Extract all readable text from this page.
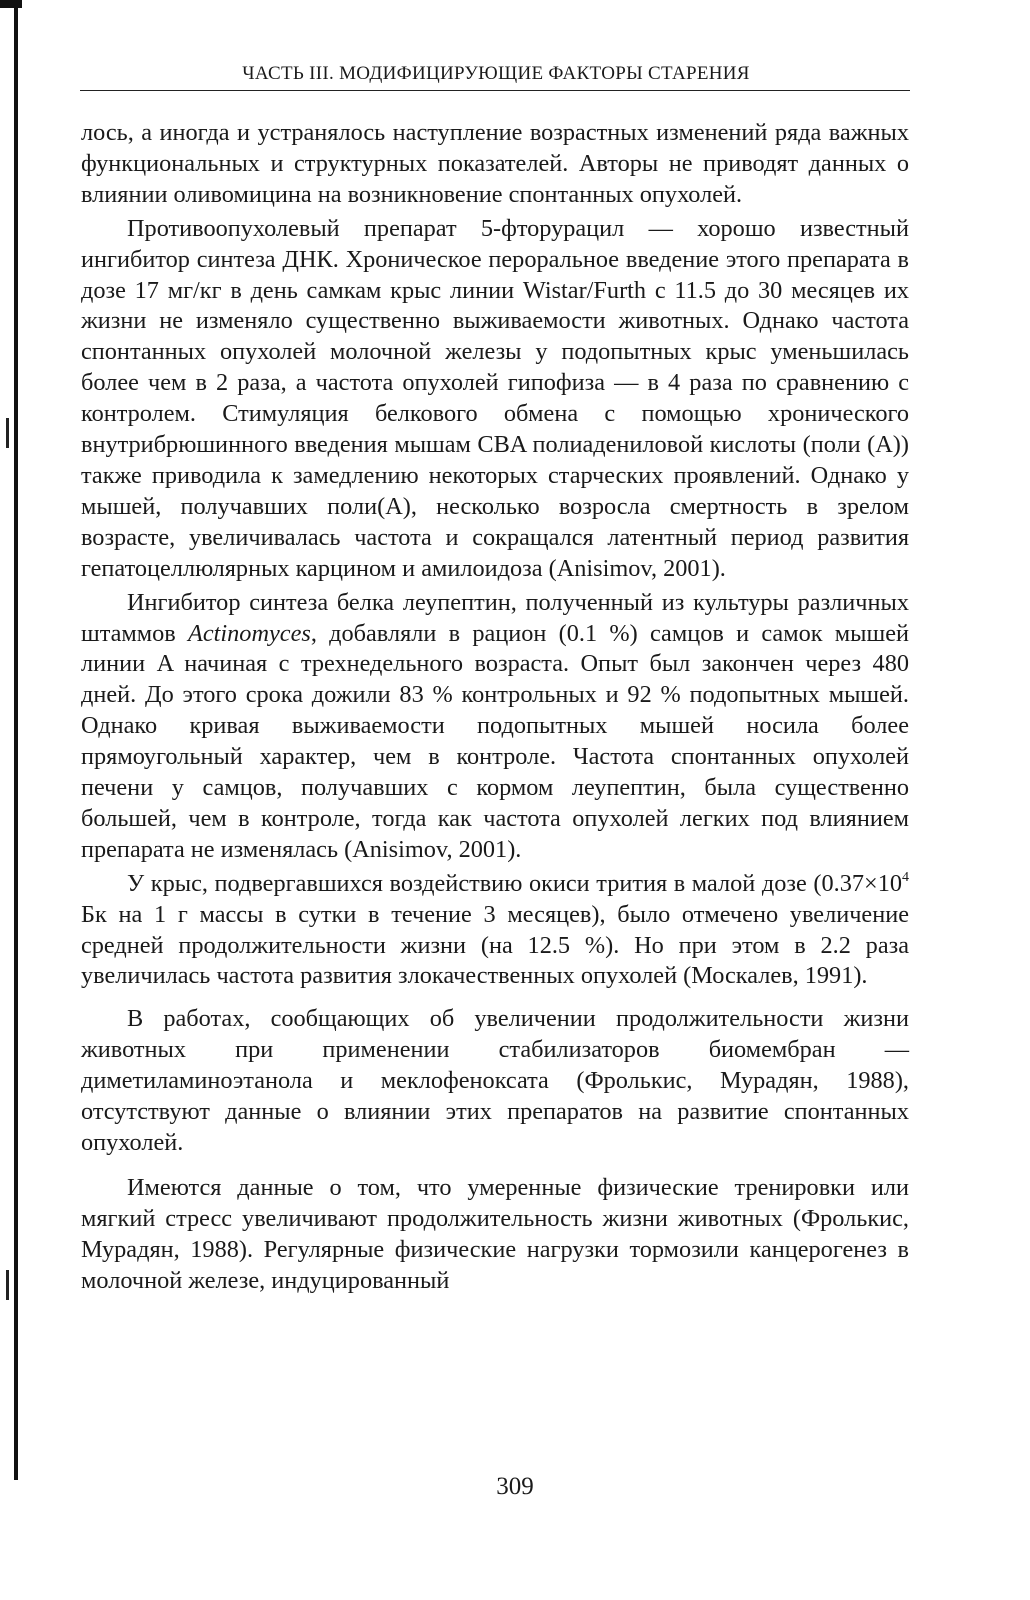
ЧАСТЬ III. МОДИФИЦИРУЮЩИЕ ФАКТОРЫ СТАРЕНИЯ

лось, а иногда и устранялось наступление возрастных изменений ряда важных функциональных и структурных показателей. Авторы не приводят данных о влиянии оливомицина на возникновение спонтанных опухолей.

Противоопухолевый препарат 5-фторурацил — хорошо известный ингибитор синтеза ДНК. Хроническое пероральное введение этого препарата в дозе 17 мг/кг в день самкам крыс линии Wistar/Furth с 11.5 до 30 месяцев их жизни не изменяло существенно выживаемости животных. Однако частота спонтанных опухолей молочной железы у подопытных крыс уменьшилась более чем в 2 раза, а частота опухолей гипофиза — в 4 раза по сравнению с контролем. Стимуляция белкового обмена с помощью хронического внутрибрюшинного введения мышам CBA полиадениловой кислоты (поли (A)) также приводила к замедлению некоторых старческих проявлений. Однако у мышей, получавших поли(A), несколько возросла смертность в зрелом возрасте, увеличивалась частота и сокращался латентный период развития гепатоцеллюлярных карцином и амилоидоза (Anisimov, 2001).

Ингибитор синтеза белка леупептин, полученный из культуры различных штаммов Actinomyces, добавляли в рацион (0.1 %) самцов и самок мышей линии A начиная с трехнедельного возраста. Опыт был закончен через 480 дней. До этого срока дожили 83 % контрольных и 92 % подопытных мышей. Однако кривая выживаемости подопытных мышей носила более прямоугольный характер, чем в контроле. Частота спонтанных опухолей печени у самцов, получавших с кормом леупептин, была существенно большей, чем в контроле, тогда как частота опухолей легких под влиянием препарата не изменялась (Anisimov, 2001).

У крыс, подвергавшихся воздействию окиси трития в малой дозе ($0.37\times 10^4$ Бк на 1 г массы в сутки в течение 3 месяцев), было отмечено увеличение средней продолжительности жизни (на 12.5 %). Но при этом в 2.2 раза увеличилась частота развития злокачественных опухолей (Москалев, 1991).

В работах, сообщающих об увеличении продолжительности жизни животных при применении стабилизаторов биомембран — диметиламиноэтанола и меклофеноксата (Фролькис, Мурадян, 1988), отсутствуют данные о влиянии этих препаратов на развитие спонтанных опухолей.

Имеются данные о том, что умеренные физические тренировки или мягкий стресс увеличивают продолжительность жизни животных (Фролькис, Мурадян, 1988). Регулярные физические нагрузки тормозили канцерогенез в молочной железе, индуцированный

309
